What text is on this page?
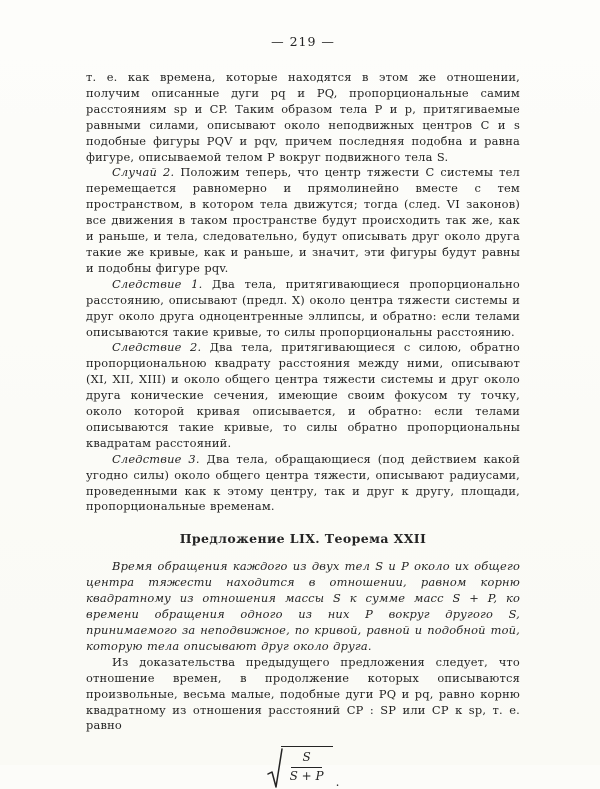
— 219 —

т. е. как времена, которые находятся в этом же отношении, получим описанные дуги pq и PQ, пропорциональные самим расстояниям sp и CP. Таким образом тела P и p, притягиваемые равными силами, описывают около неподвижных центров C и s подобные фигуры PQV и pqv, причем последняя подобна и равна фигуре, описываемой телом P вокруг подвижного тела S.

Случай 2. Положим теперь, что центр тяжести C системы тел перемещается равномерно и прямолинейно вместе с тем пространством, в котором тела движутся; тогда (след. VI законов) все движения в таком пространстве будут происходить так же, как и раньше, и тела, следовательно, будут описывать друг около друга такие же кривые, как и раньше, и значит, эти фигуры будут равны и подобны фигуре pqv.

Следствие 1. Два тела, притягивающиеся пропорционально расстоянию, описывают (предл. X) около центра тяжести системы и друг около друга одноцентренные эллипсы, и обратно: если телами описываются такие кривые, то силы пропорциональны расстоянию.

Следствие 2. Два тела, притягивающиеся с силою, обратно пропорциональною квадрату расстояния между ними, описывают (XI, XII, XIII) и около общего центра тяжести системы и друг около друга конические сечения, имеющие своим фокусом ту точку, около которой кривая описывается, и обратно: если телами описываются такие кривые, то силы обратно пропорциональны квадратам расстояний.

Следствие 3. Два тела, обращающиеся (под действием какой угодно силы) около общего центра тяжести, описывают радиусами, проведенными как к этому центру, так и друг к другу, площади, пропорциональные временам.

Предложение LIX. Теорема XXII

Время обращения каждого из двух тел S и P около их общего центра тяжести находится в отношении, равном корню квадратному из отношения массы S к сумме масс S + P, ко времени обращения одного из них P вокруг другого S, принимаемого за неподвижное, по кривой, равной и подобной той, которую тела описывают друг около друга.

Из доказательства предыдущего предложения следует, что отношение времен, в продолжение которых описываются произвольные, весьма малые, подобные дуги PQ и pq, равно корню квадратному из отношения расстояний CP : SP или CP к sp, т. е. равно

S
S + P .
